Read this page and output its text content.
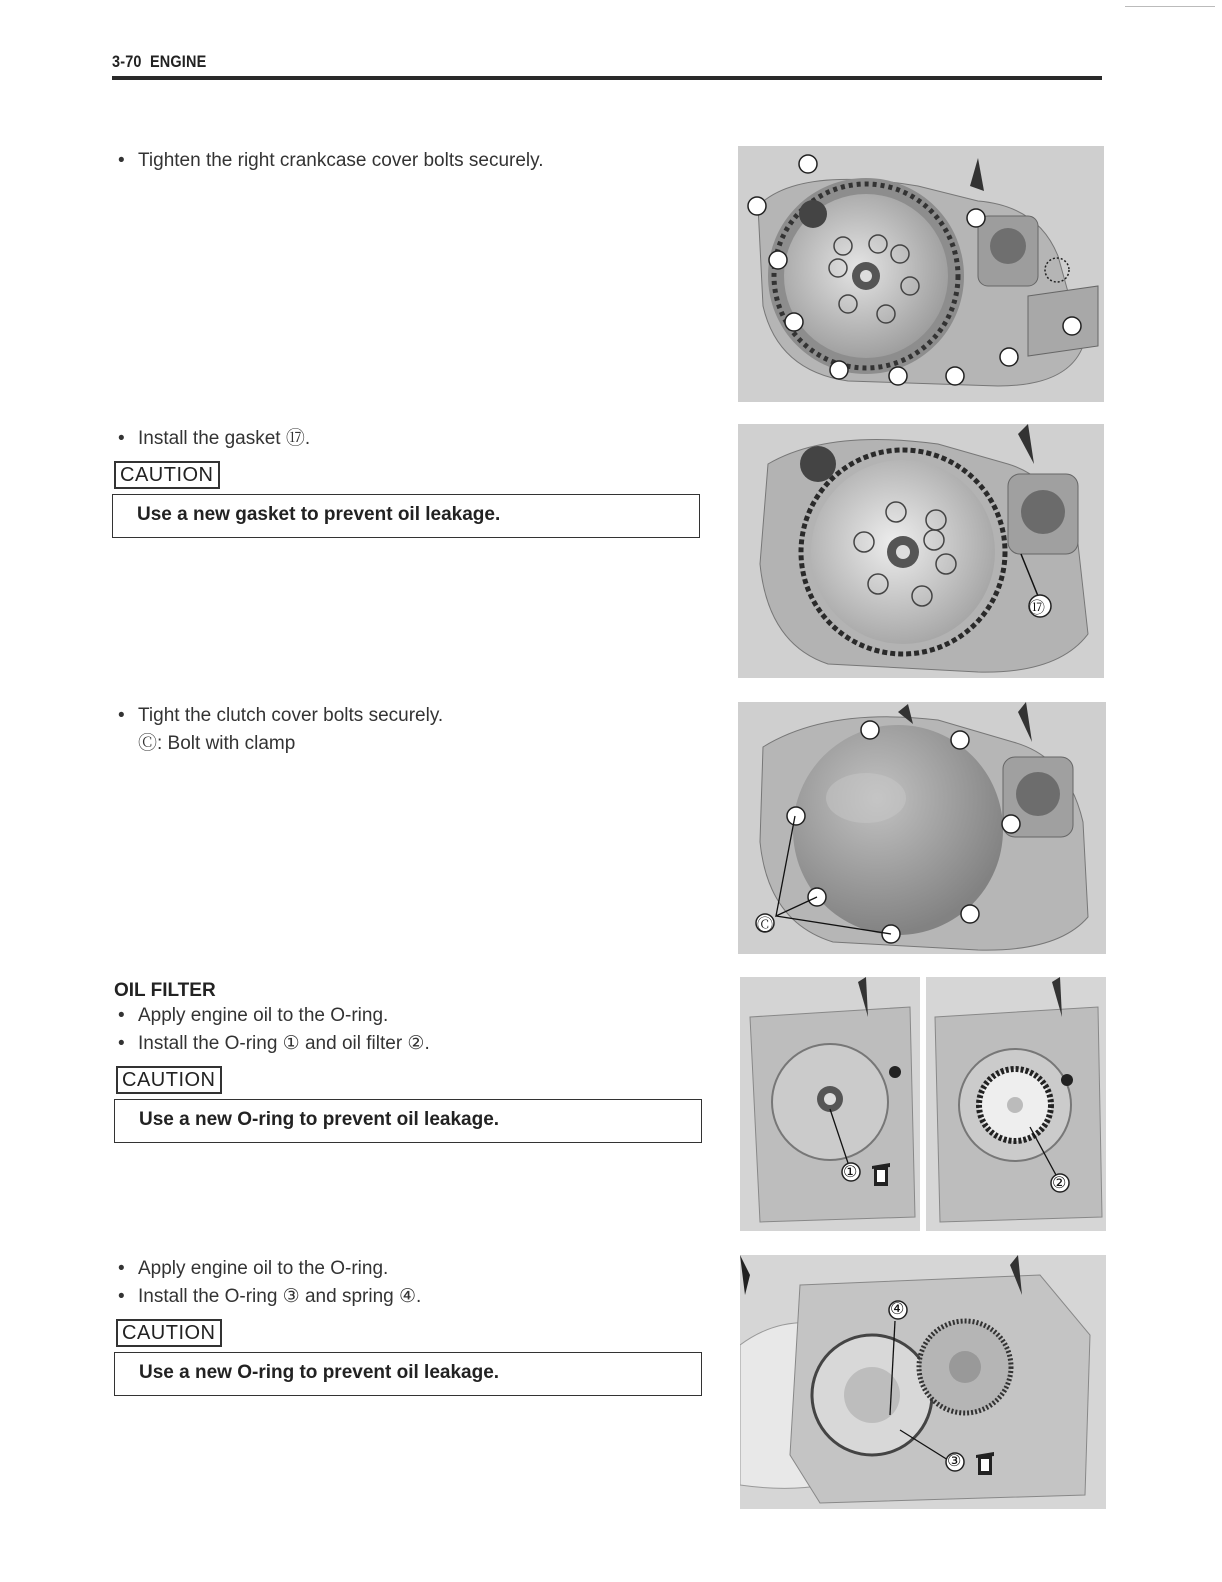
3-70  ENGINE
• Tighten the right crankcase cover bolts securely.
• Install the gasket ⑰.
CAUTION
Use a new gasket to prevent oil leakage.
• Tight the clutch cover bolts securely.
Ⓒ: Bolt with clamp
OIL FILTER
• Apply engine oil to the O-ring.
• Install the O-ring ① and oil filter ②.
CAUTION
Use a new O-ring to prevent oil leakage.
• Apply engine oil to the O-ring.
• Install the O-ring ③ and spring ④.
CAUTION
Use a new O-ring to prevent oil leakage.
⑰
Ⓒ
①
②
④
③
